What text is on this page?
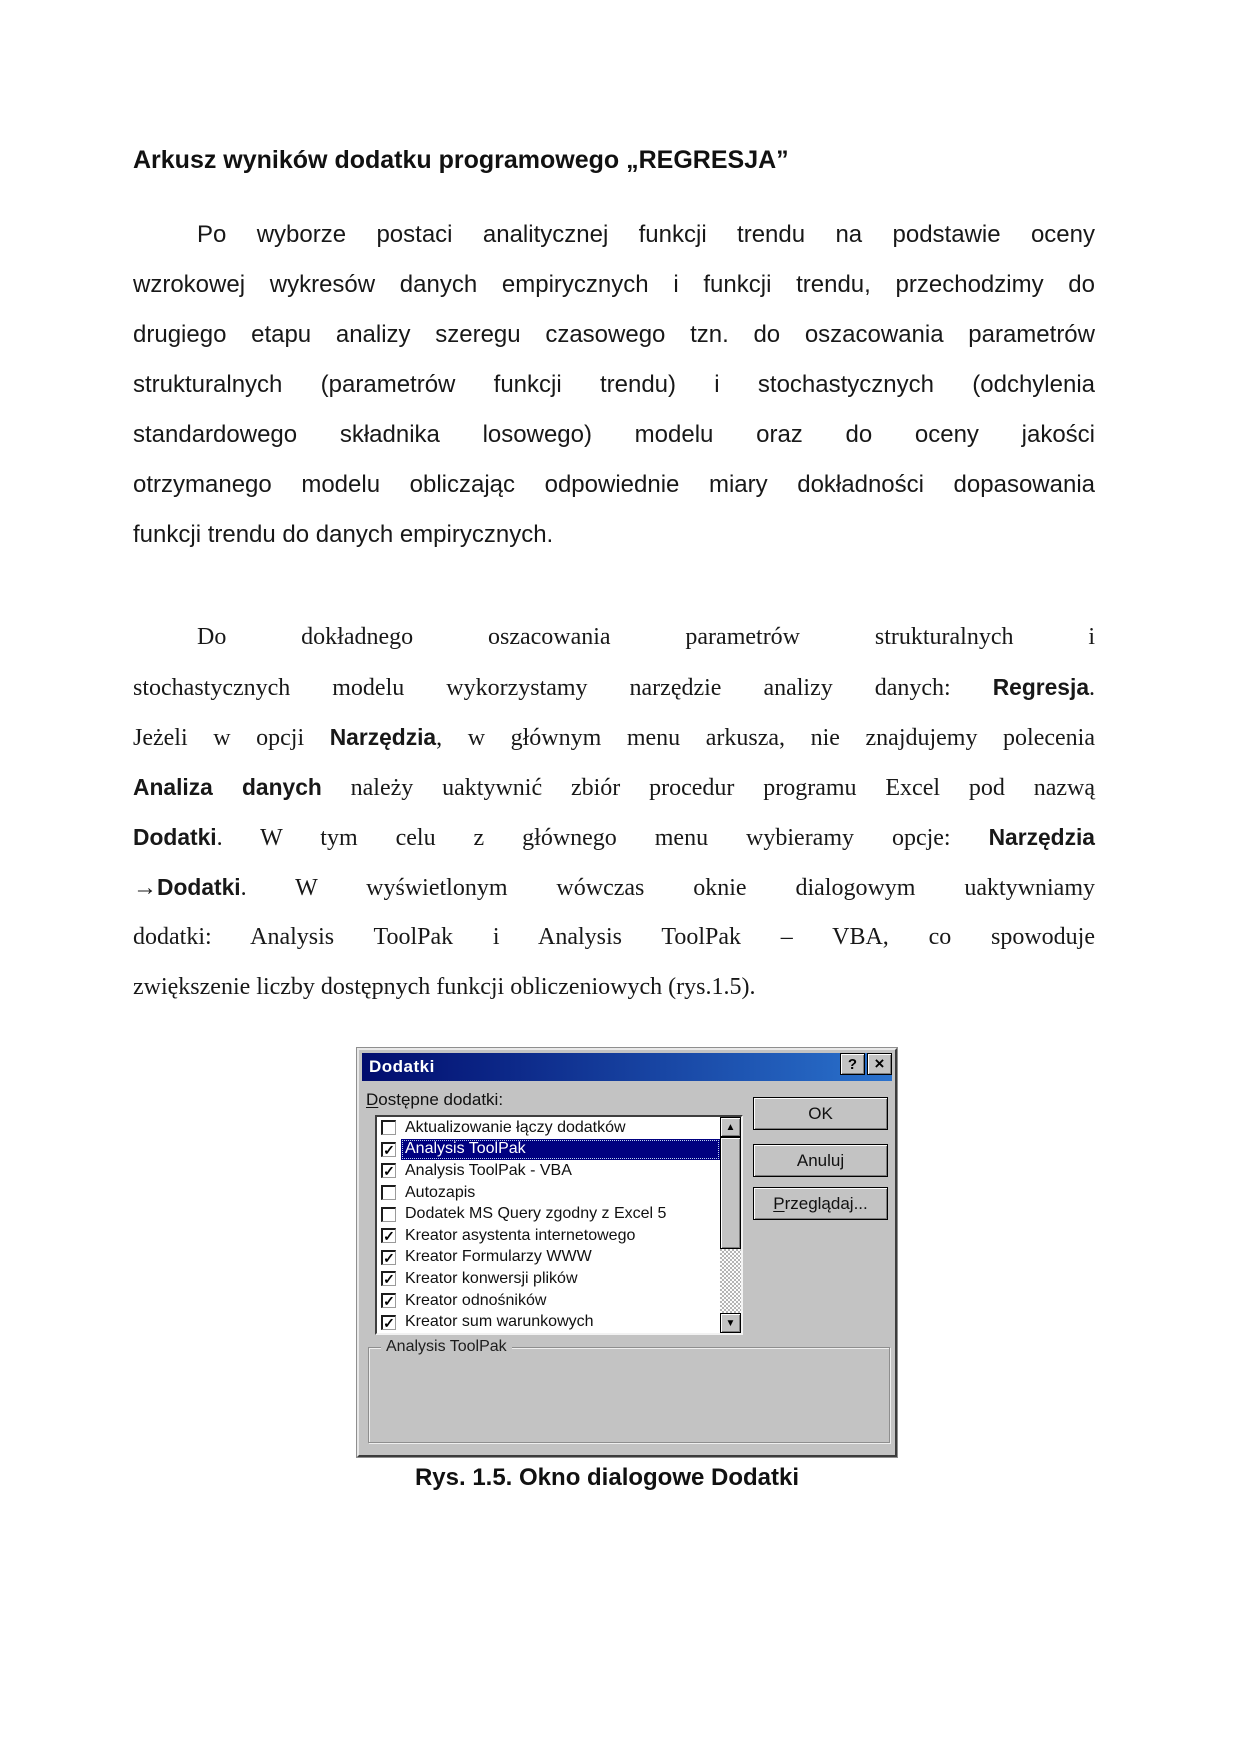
Arkusz wyników dodatku programowego „REGRESJA”
Po wyborze postaci analitycznej funkcji trendu na podstawie oceny
wzrokowej wykresów danych empirycznych i funkcji trendu, przechodzimy do
drugiego etapu analizy szeregu czasowego tzn. do oszacowania parametrów
strukturalnych (parametrów funkcji trendu) i stochastycznych (odchylenia
standardowego składnika losowego) modelu oraz do oceny jakości
otrzymanego modelu obliczając odpowiednie miary dokładności dopasowania
funkcji trendu do danych empirycznych.
Do dokładnego oszacowania parametrów strukturalnych i
stochastycznych modelu wykorzystamy narzędzie analizy danych: Regresja.
Jeżeli w opcji Narzędzia, w głównym menu arkusza, nie znajdujemy polecenia
Analiza danych należy uaktywnić zbiór procedur programu Excel pod nazwą
Dodatki. W tym celu z głównego menu wybieramy opcje: Narzędzia
→Dodatki. W wyświetlonym wówczas oknie dialogowym uaktywniamy
dodatki: Analysis ToolPak i Analysis ToolPak – VBA, co spowoduje
zwiększenie liczby dostępnych funkcji obliczeniowych (rys.1.5).
Dodatki	?	×
Dostępne dodatki:
Aktualizowanie łączy dodatków
✓ Analysis ToolPak
✓ Analysis ToolPak - VBA
Autozapis
Dodatek MS Query zgodny z Excel 5
✓ Kreator asystenta internetowego
✓ Kreator Formularzy WWW
✓ Kreator konwersji plików
✓ Kreator odnośników
✓ Kreator sum warunkowych
▲
▼
OK
Anuluj
P rzeglądaj...
Analysis ToolPak
Rys. 1.5. Okno dialogowe Dodatki
